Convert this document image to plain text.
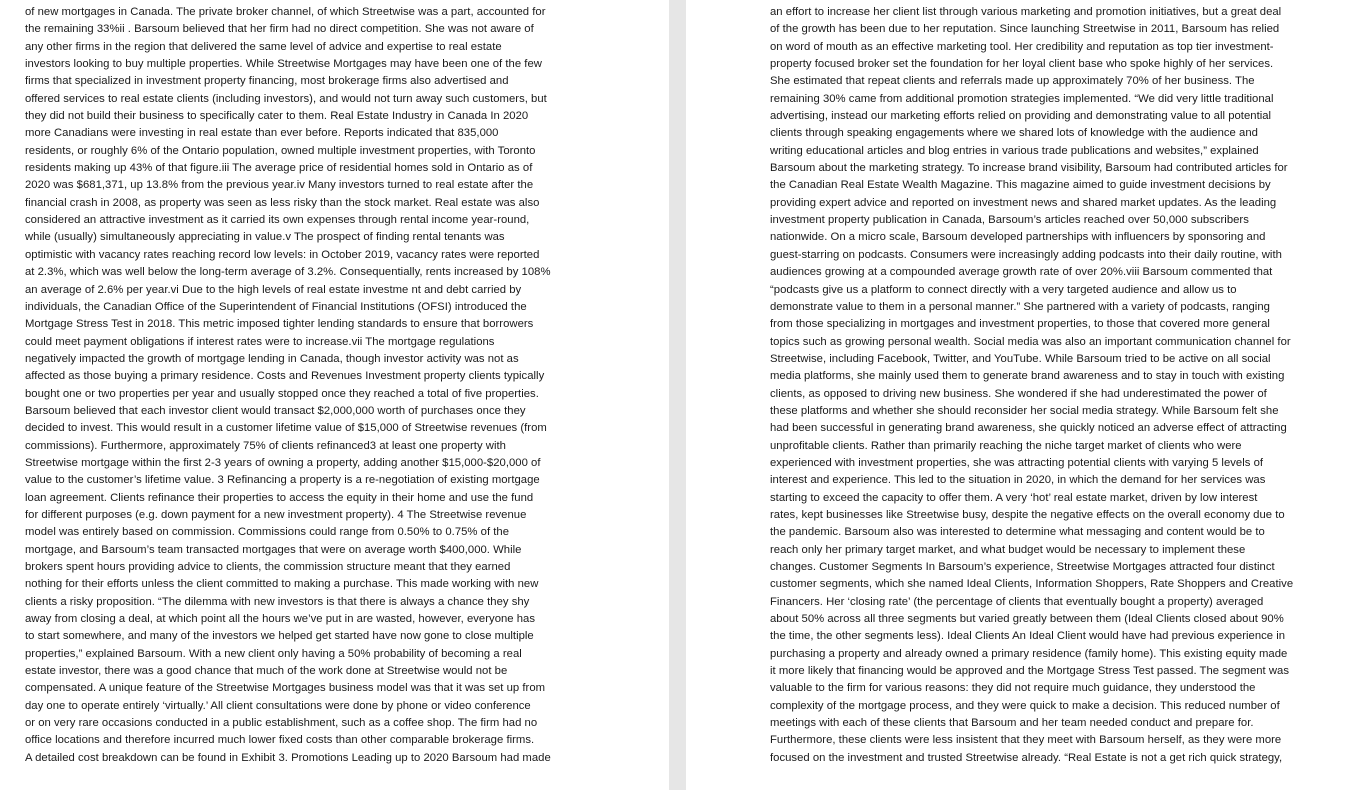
of new mortgages in Canada. The private broker channel, of which Streetwise was a part, accounted for
the remaining 33%ii . Barsoum believed that her firm had no direct competition. She was not aware of
any other firms in the region that delivered the same level of advice and expertise to real estate
investors looking to buy multiple properties. While Streetwise Mortgages may have been one of the few
firms that specialized in investment property financing, most brokerage firms also advertised and
offered services to real estate clients (including investors), and would not turn away such customers, but
they did not build their business to specifically cater to them. Real Estate Industry in Canada In 2020
more Canadians were investing in real estate than ever before. Reports indicated that 835,000
residents, or roughly 6% of the Ontario population, owned multiple investment properties, with Toronto
residents making up 43% of that figure.iii The average price of residential homes sold in Ontario as of
2020 was $681,371, up 13.8% from the previous year.iv Many investors turned to real estate after the
financial crash in 2008, as property was seen as less risky than the stock market. Real estate was also
considered an attractive investment as it carried its own expenses through rental income year-round,
while (usually) simultaneously appreciating in value.v The prospect of finding rental tenants was
optimistic with vacancy rates reaching record low levels: in October 2019, vacancy rates were reported
at 2.3%, which was well below the long-term average of 3.2%. Consequentially, rents increased by 108%
an average of 2.6% per year.vi Due to the high levels of real estate investme nt and debt carried by
individuals, the Canadian Office of the Superintendent of Financial Institutions (OFSI) introduced the
Mortgage Stress Test in 2018. This metric imposed tighter lending standards to ensure that borrowers
could meet payment obligations if interest rates were to increase.vii The mortgage regulations
negatively impacted the growth of mortgage lending in Canada, though investor activity was not as
affected as those buying a primary residence. Costs and Revenues Investment property clients typically
bought one or two properties per year and usually stopped once they reached a total of five properties.
Barsoum believed that each investor client would transact $2,000,000 worth of purchases once they
decided to invest. This would result in a customer lifetime value of $15,000 of Streetwise revenues (from
commissions). Furthermore, approximately 75% of clients refinanced3 at least one property with
Streetwise mortgage within the first 2-3 years of owning a property, adding another $15,000-$20,000 of
value to the customer’s lifetime value. 3 Refinancing a property is a re-negotiation of existing mortgage
loan agreement. Clients refinance their properties to access the equity in their home and use the fund
for different purposes (e.g. down payment for a new investment property). 4 The Streetwise revenue
model was entirely based on commission. Commissions could range from 0.50% to 0.75% of the
mortgage, and Barsoum’s team transacted mortgages that were on average worth $400,000. While
brokers spent hours providing advice to clients, the commission structure meant that they earned
nothing for their efforts unless the client committed to making a purchase. This made working with new
clients a risky proposition. “The dilemma with new investors is that there is always a chance they shy
away from closing a deal, at which point all the hours we’ve put in are wasted, however, everyone has
to start somewhere, and many of the investors we helped get started have now gone to close multiple
properties,” explained Barsoum. With a new client only having a 50% probability of becoming a real
estate investor, there was a good chance that much of the work done at Streetwise would not be
compensated. A unique feature of the Streetwise Mortgages business model was that it was set up from
day one to operate entirely ‘virtually.’ All client consultations were done by phone or video conference
or on very rare occasions conducted in a public establishment, such as a coffee shop. The firm had no
office locations and therefore incurred much lower fixed costs than other comparable brokerage firms.
A detailed cost breakdown can be found in Exhibit 3. Promotions Leading up to 2020 Barsoum had made
an effort to increase her client list through various marketing and promotion initiatives, but a great deal
of the growth has been due to her reputation. Since launching Streetwise in 2011, Barsoum has relied
on word of mouth as an effective marketing tool. Her credibility and reputation as top tier investment-
property focused broker set the foundation for her loyal client base who spoke highly of her services.
She estimated that repeat clients and referrals made up approximately 70% of her business. The
remaining 30% came from additional promotion strategies implemented. “We did very little traditional
advertising, instead our marketing efforts relied on providing and demonstrating value to all potential
clients through speaking engagements where we shared lots of knowledge with the audience and
writing educational articles and blog entries in various trade publications and websites,” explained
Barsoum about the marketing strategy. To increase brand visibility, Barsoum had contributed articles for
the Canadian Real Estate Wealth Magazine. This magazine aimed to guide investment decisions by
providing expert advice and reported on investment news and shared market updates. As the leading
investment property publication in Canada, Barsoum’s articles reached over 50,000 subscribers
nationwide. On a micro scale, Barsoum developed partnerships with influencers by sponsoring and
guest-starring on podcasts. Consumers were increasingly adding podcasts into their daily routine, with
audiences growing at a compounded average growth rate of over 20%.viii Barsoum commented that
“podcasts give us a platform to connect directly with a very targeted audience and allow us to
demonstrate value to them in a personal manner.” She partnered with a variety of podcasts, ranging
from those specializing in mortgages and investment properties, to those that covered more general
topics such as growing personal wealth. Social media was also an important communication channel for
Streetwise, including Facebook, Twitter, and YouTube. While Barsoum tried to be active on all social
media platforms, she mainly used them to generate brand awareness and to stay in touch with existing
clients, as opposed to driving new business. She wondered if she had underestimated the power of
these platforms and whether she should reconsider her social media strategy. While Barsoum felt she
had been successful in generating brand awareness, she quickly noticed an adverse effect of attracting
unprofitable clients. Rather than primarily reaching the niche target market of clients who were
experienced with investment properties, she was attracting potential clients with varying 5 levels of
interest and experience. This led to the situation in 2020, in which the demand for her services was
starting to exceed the capacity to offer them. A very ‘hot’ real estate market, driven by low interest
rates, kept businesses like Streetwise busy, despite the negative effects on the overall economy due to
the pandemic. Barsoum also was interested to determine what messaging and content would be to
reach only her primary target market, and what budget would be necessary to implement these
changes. Customer Segments In Barsoum’s experience, Streetwise Mortgages attracted four distinct
customer segments, which she named Ideal Clients, Information Shoppers, Rate Shoppers and Creative
Financers. Her ‘closing rate’ (the percentage of clients that eventually bought a property) averaged
about 50% across all three segments but varied greatly between them (Ideal Clients closed about 90%
the time, the other segments less). Ideal Clients An Ideal Client would have had previous experience in
purchasing a property and already owned a primary residence (family home). This existing equity made
it more likely that financing would be approved and the Mortgage Stress Test passed. The segment was
valuable to the firm for various reasons: they did not require much guidance, they understood the
complexity of the mortgage process, and they were quick to make a decision. This reduced number of
meetings with each of these clients that Barsoum and her team needed conduct and prepare for.
Furthermore, these clients were less insistent that they meet with Barsoum herself, as they were more
focused on the investment and trusted Streetwise already. “Real Estate is not a get rich quick strategy,
